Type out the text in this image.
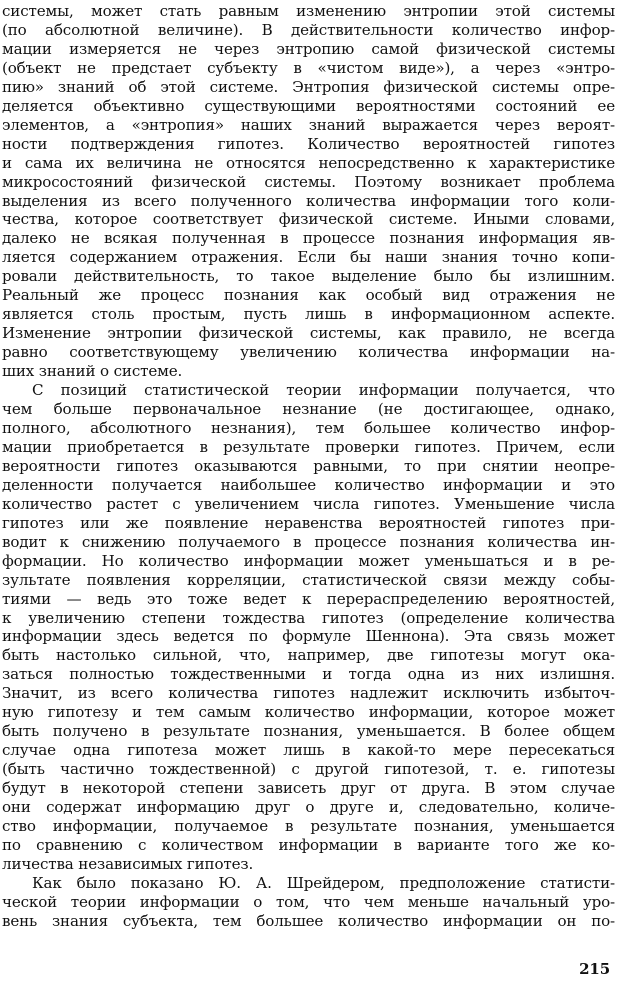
системы, может стать равным изменению энтропии этой системы
(по абсолютной величине). В действительности количество инфор-
мации измеряется не через энтропию самой физической системы
(объект не предстает субъекту в «чистом виде»), а через «энтро-
пию» знаний об этой системе. Энтропия физической системы опре-
деляется объективно существующими вероятностями состояний ее
элементов, а «энтропия» наших знаний выражается через вероят-
ности подтверждения гипотез. Количество вероятностей гипотез
и сама их величина не относятся непосредственно к характеристике
микросостояний физической системы. Поэтому возникает проблема
выделения из всего полученного количества информации того коли-
чества, которое соответствует физической системе. Иными словами,
далеко не всякая полученная в процессе познания информация яв-
ляется содержанием отражения. Если бы наши знания точно копи-
ровали действительность, то такое выделение было бы излишним.
Реальный же процесс познания как особый вид отражения не
является столь простым, пусть лишь в информационном аспекте.
Изменение энтропии физической системы, как правило, не всегда
равно соответствующему увеличению количества информации на-
ших знаний о системе.

С позиций статистической теории информации получается, что
чем больше первоначальное незнание (не достигающее, однако,
полного, абсолютного незнания), тем большее количество инфор-
мации приобретается в результате проверки гипотез. Причем, если
вероятности гипотез оказываются равными, то при снятии неопре-
деленности получается наибольшее количество информации и это
количество растет с увеличением числа гипотез. Уменьшение числа
гипотез или же появление неравенства вероятностей гипотез при-
водит к снижению получаемого в процессе познания количества ин-
формации. Но количество информации может уменьшаться и в ре-
зультате появления корреляции, статистической связи между собы-
тиями — ведь это тоже ведет к перераспределению вероятностей,
к увеличению степени тождества гипотез (определение количества
информации здесь ведется по формуле Шеннона). Эта связь может
быть настолько сильной, что, например, две гипотезы могут ока-
заться полностью тождественными и тогда одна из них излишня.
Значит, из всего количества гипотез надлежит исключить избыточ-
ную гипотезу и тем самым количество информации, которое может
быть получено в результате познания, уменьшается. В более общем
случае одна гипотеза может лишь в какой-то мере пересекаться
(быть частично тождественной) с другой гипотезой, т. е. гипотезы
будут в некоторой степени зависеть друг от друга. В этом случае
они содержат информацию друг о друге и, следовательно, количе-
ство информации, получаемое в результате познания, уменьшается
по сравнению с количеством информации в варианте того же ко-
личества независимых гипотез.

Как было показано Ю. А. Шрейдером, предположение статисти-
ческой теории информации о том, что чем меньше начальный уро-
вень знания субъекта, тем большее количество информации он по-

215
